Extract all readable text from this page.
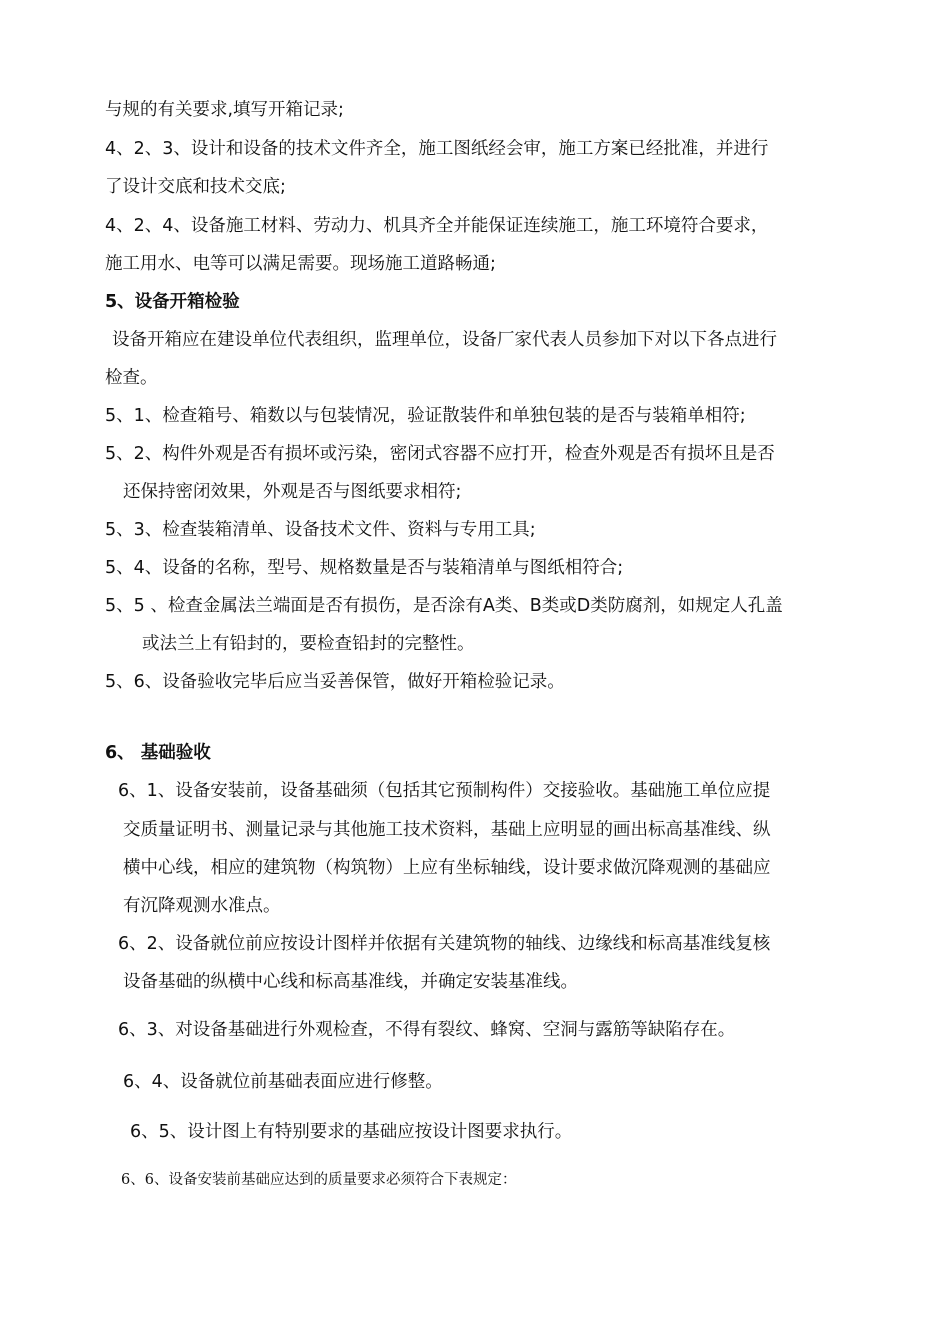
与规的有关要求,填写开箱记录;
4、2、3、设计和设备的技术文件齐全，施工图纸经会审，施工方案已经批准，并进行
了设计交底和技术交底;
4、2、4、设备施工材料、劳动力、机具齐全并能保证连续施工，施工环境符合要求，
施工用水、电等可以满足需要。现场施工道路畅通;
5、设备开箱检验
设备开箱应在建设单位代表组织，监理单位，设备厂家代表人员参加下对以下各点进行
检查。
5、1、检查箱号、箱数以与包装情况，验证散装件和单独包装的是否与装箱单相符;
5、2、构件外观是否有损坏或污染，密闭式容器不应打开，检查外观是否有损坏且是否
还保持密闭效果，外观是否与图纸要求相符;
5、3、检查装箱清单、设备技术文件、资料与专用工具;
5、4、设备的名称，型号、规格数量是否与装箱清单与图纸相符合;
5、5 、检查金属法兰端面是否有损伤，是否涂有A类、B类或D类防腐剂，如规定人孔盖
或法兰上有铅封的，要检查铅封的完整性。
5、6、设备验收完毕后应当妥善保管，做好开箱检验记录。
6、 基础验收
6、1、设备安装前，设备基础须（包括其它预制构件）交接验收。基础施工单位应提
交质量证明书、测量记录与其他施工技术资料，基础上应明显的画出标高基准线、纵
横中心线，相应的建筑物（构筑物）上应有坐标轴线，设计要求做沉降观测的基础应
有沉降观测水准点。
6、2、设备就位前应按设计图样并依据有关建筑物的轴线、边缘线和标高基准线复核
设备基础的纵横中心线和标高基准线，并确定安装基准线。
6、3、对设备基础进行外观检查，不得有裂纹、蜂窝、空洞与露筋等缺陷存在。
6、4、设备就位前基础表面应进行修整。
6、5、设计图上有特别要求的基础应按设计图要求执行。
6、6、设备安装前基础应达到的质量要求必须符合下表规定：
